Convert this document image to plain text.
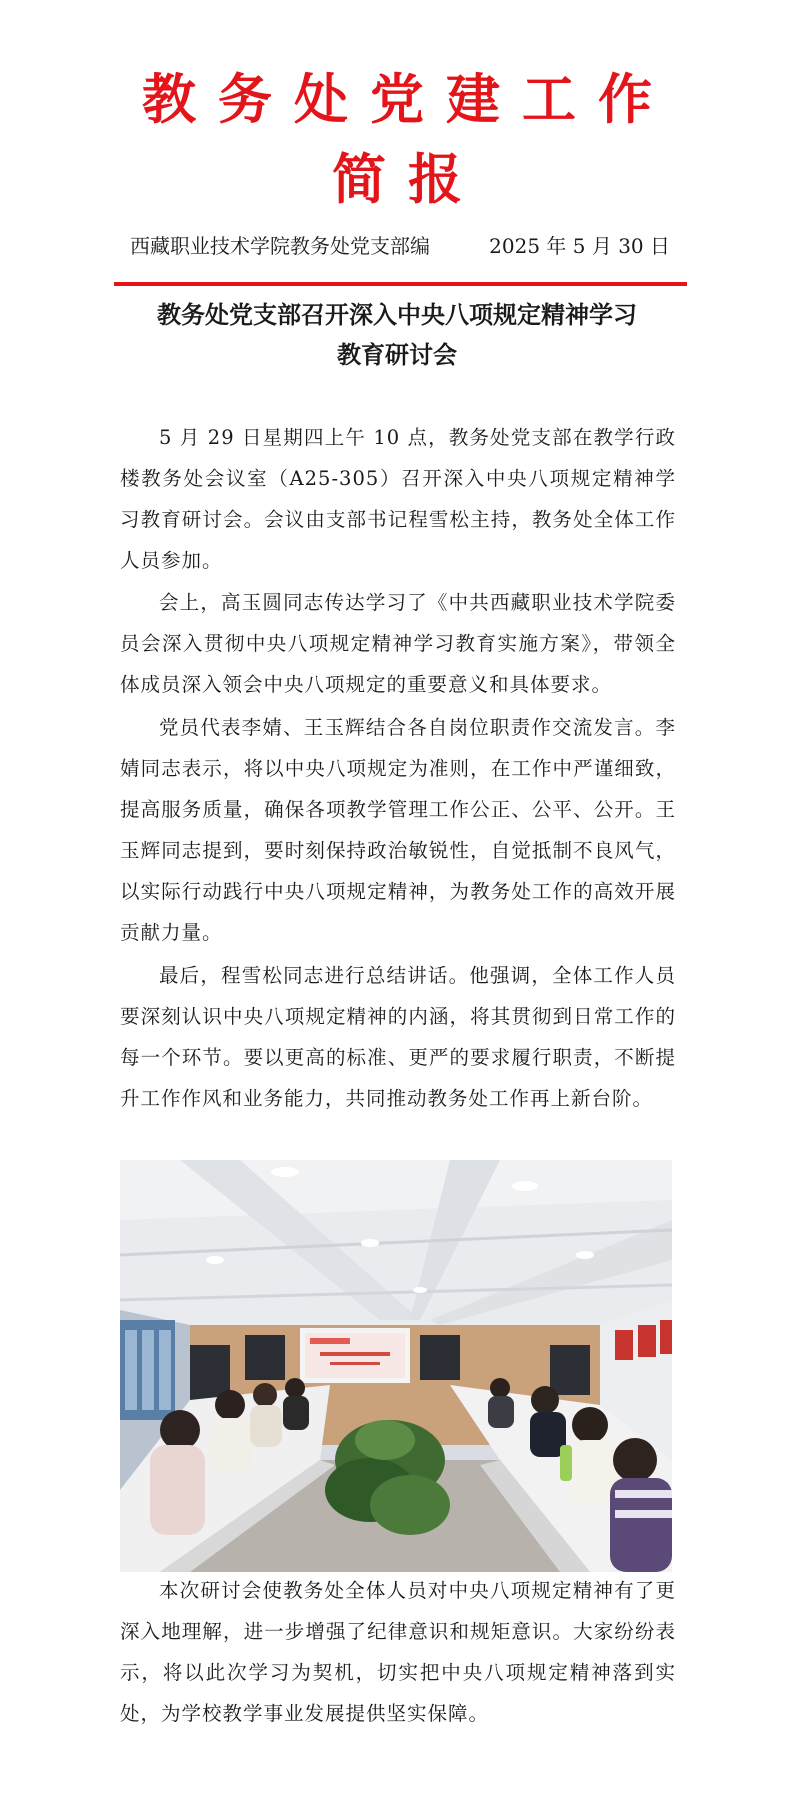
教务处党建工作
简报
西藏职业技术学院教务处党支部编	2025 年 5 月 30 日
教务处党支部召开深入中央八项规定精神学习
教育研讨会

5 月 29 日星期四上午 10 点，教务处党支部在教学行政楼教务处会议室（A25-305）召开深入中央八项规定精神学习教育研讨会。会议由支部书记程雪松主持，教务处全体工作人员参加。

会上，高玉圆同志传达学习了《中共西藏职业技术学院委员会深入贯彻中央八项规定精神学习教育实施方案》，带领全体成员深入领会中央八项规定的重要意义和具体要求。

党员代表李婧、王玉辉结合各自岗位职责作交流发言。李婧同志表示，将以中央八项规定为准则，在工作中严谨细致，提高服务质量，确保各项教学管理工作公正、公平、公开。王玉辉同志提到，要时刻保持政治敏锐性，自觉抵制不良风气，以实际行动践行中央八项规定精神，为教务处工作的高效开展贡献力量。

最后，程雪松同志进行总结讲话。他强调，全体工作人员要深刻认识中央八项规定精神的内涵，将其贯彻到日常工作的每一个环节。要以更高的标准、更严的要求履行职责，不断提升工作作风和业务能力，共同推动教务处工作再上新台阶。

本次研讨会使教务处全体人员对中央八项规定精神有了更深入地理解，进一步增强了纪律意识和规矩意识。大家纷纷表示，将以此次学习为契机，切实把中央八项规定精神落到实处，为学校教学事业发展提供坚实保障。
